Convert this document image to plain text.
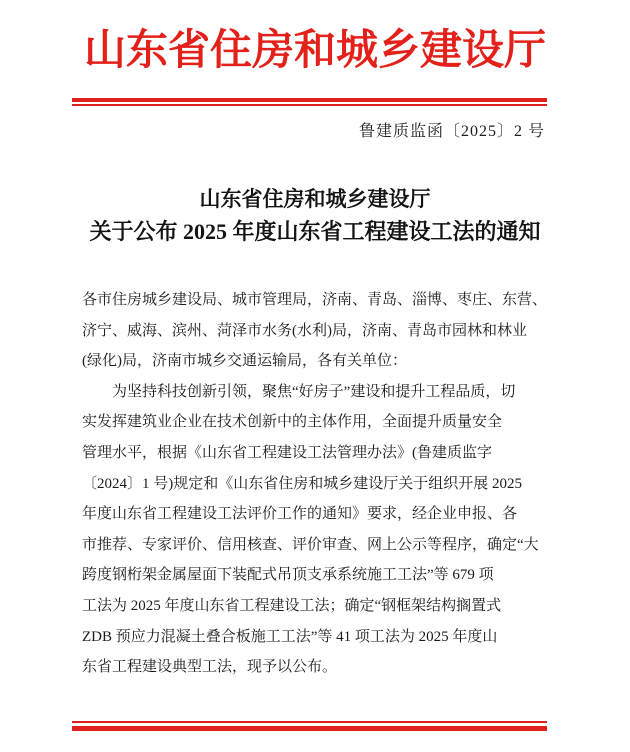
山东省住房和城乡建设厅
鲁建质监函〔2025〕2 号
山东省住房和城乡建设厅
关于公布 2025 年度山东省工程建设工法的通知
各市住房城乡建设局、城市管理局，济南、青岛、淄博、枣庄、东营、
济宁、威海、滨州、菏泽市水务(水利)局，济南、青岛市园林和林业
(绿化)局，济南市城乡交通运输局，各有关单位：
为坚持科技创新引领，聚焦“好房子”建设和提升工程品质，切
实发挥建筑业企业在技术创新中的主体作用，全面提升质量安全
管理水平，根据《山东省工程建设工法管理办法》(鲁建质监字
〔2024〕1 号)规定和《山东省住房和城乡建设厅关于组织开展 2025
年度山东省工程建设工法评价工作的通知》要求，经企业申报、各
市推荐、专家评价、信用核查、评价审查、网上公示等程序，确定“大
跨度钢桁架金属屋面下装配式吊顶支承系统施工工法”等 679 项
工法为 2025 年度山东省工程建设工法；确定“钢框架结构搁置式
ZDB 预应力混凝土叠合板施工工法”等 41 项工法为 2025 年度山
东省工程建设典型工法，现予以公布。
